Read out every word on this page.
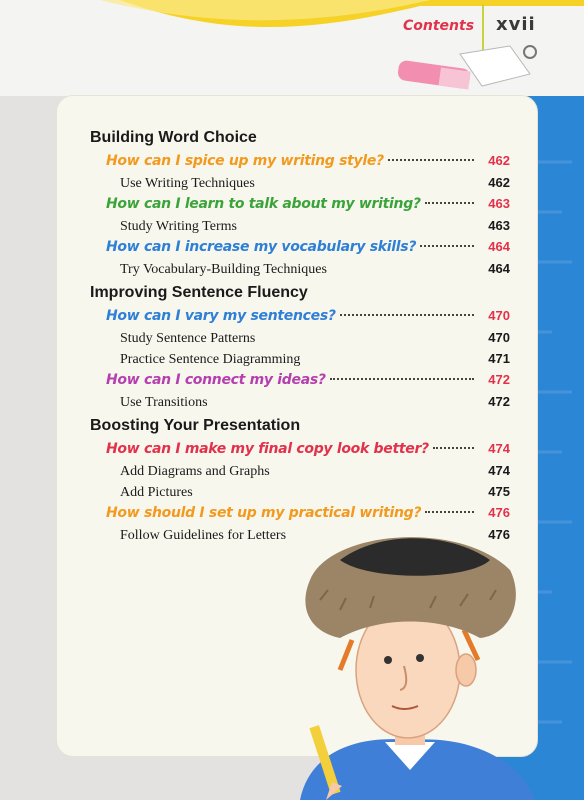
Contents xvii
Building Word Choice
How can I spice up my writing style?	462
Use Writing Techniques	462
How can I learn to talk about my writing?	463
Study Writing Terms	463
How can I increase my vocabulary skills?	464
Try Vocabulary-Building Techniques	464
Improving Sentence Fluency
How can I vary my sentences?	470
Study Sentence Patterns	470
Practice Sentence Diagramming	471
How can I connect my ideas?	472
Use Transitions	472
Boosting Your Presentation
How can I make my final copy look better?	474
Add Diagrams and Graphs	474
Add Pictures	475
How should I set up my practical writing?	476
Follow Guidelines for Letters	476
